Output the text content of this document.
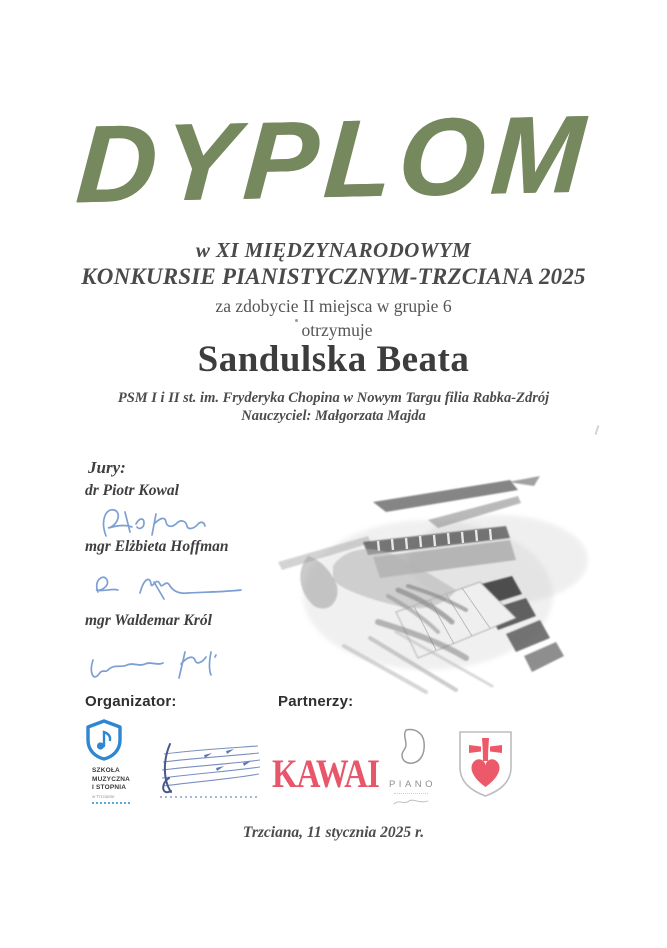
DYPLOM
w XI MIĘDZYNARODOWYM
KONKURSIE PIANISTYCZNYM-TRZCIANA 2025
za zdobycie II miejsca w grupie 6
otrzymuje
Sandulska Beata
PSM I i II st. im. Fryderyka Chopina w Nowym Targu filia Rabka-Zdrój
Nauczyciel: Małgorzata Majda
Jury:
dr Piotr Kowal
mgr Elżbieta Hoffman
mgr Waldemar Król
Organizator:	Partnerzy:
SZKOŁA
MUZYCZNA
I STOPNIA
w Trzcianie
KAWAI	PIANO
Trzciana, 11 stycznia 2025 r.
